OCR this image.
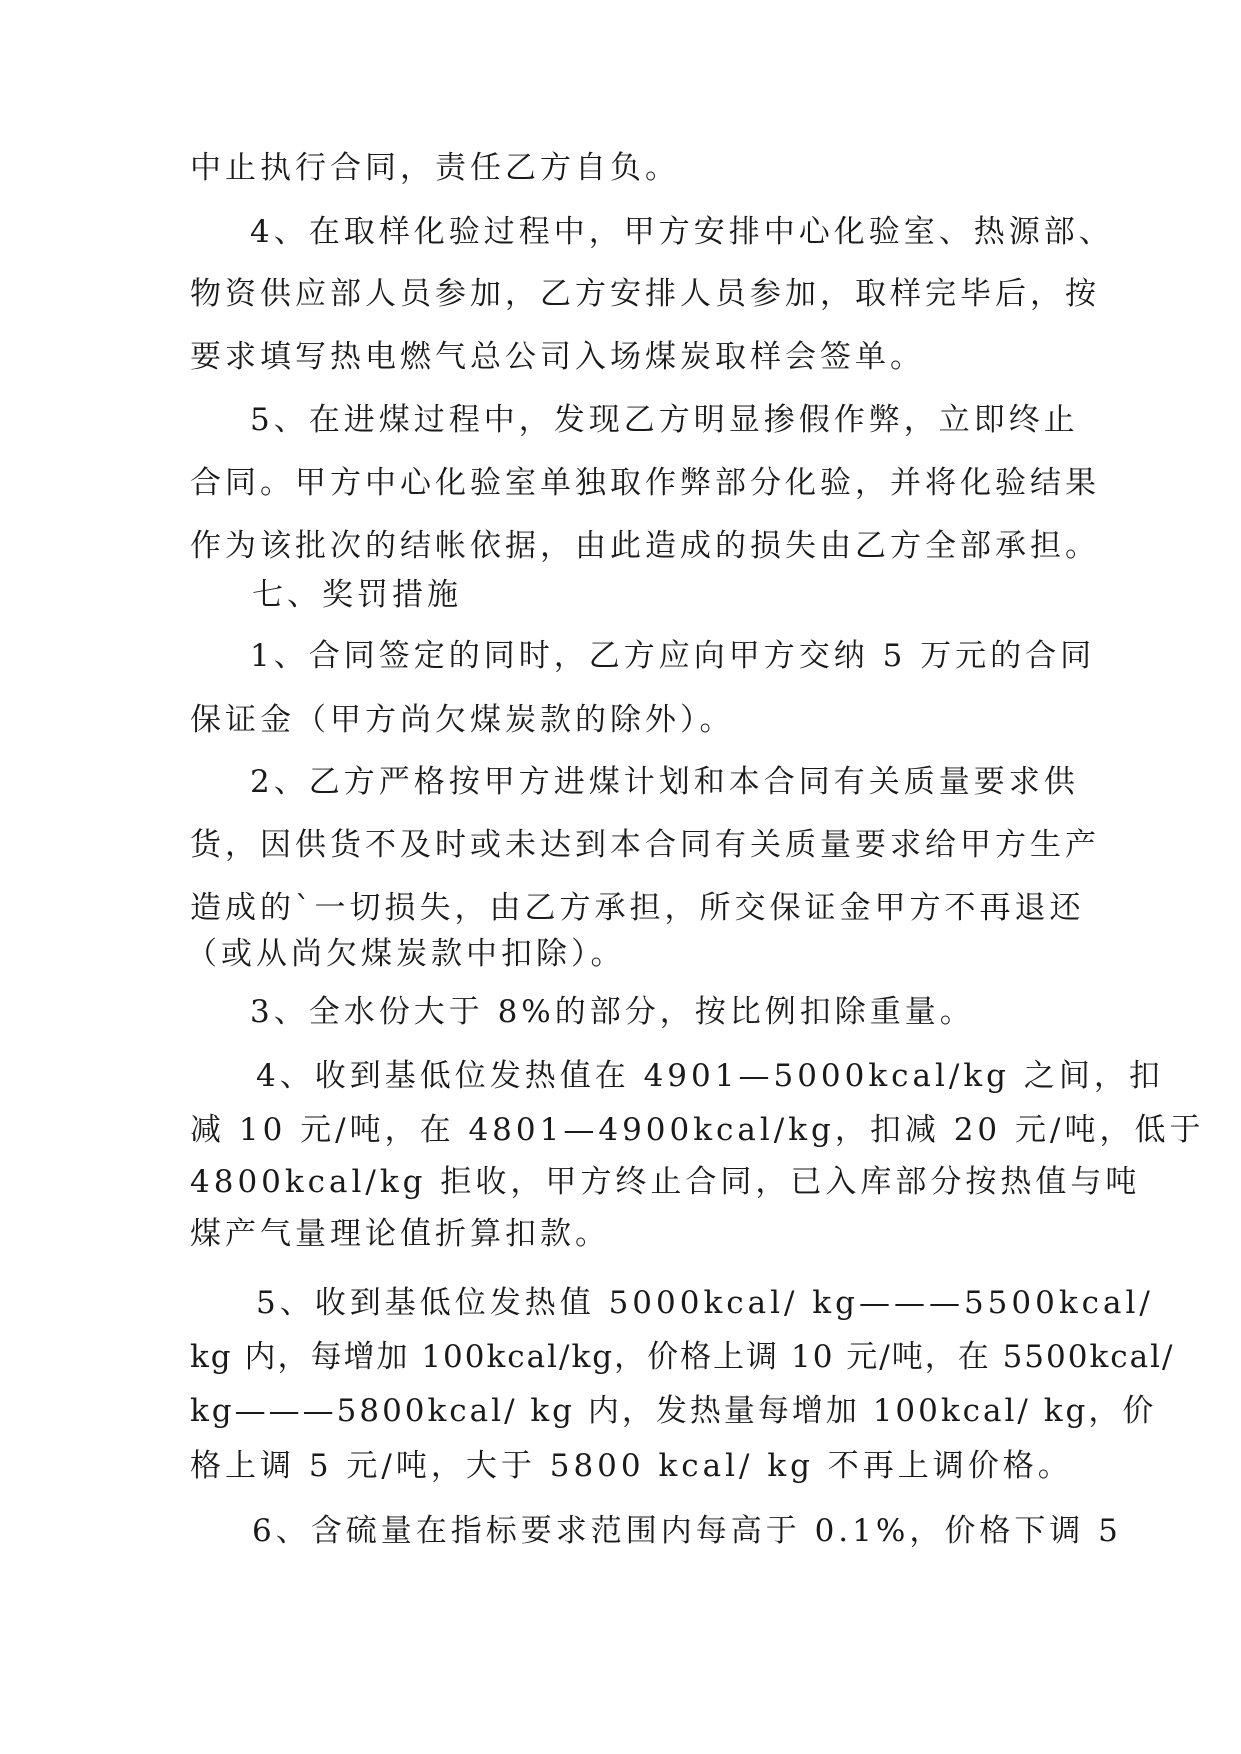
中止执行合同，责任乙方自负。
4、在取样化验过程中，甲方安排中心化验室、热源部、
物资供应部人员参加，乙方安排人员参加，取样完毕后，按
要求填写热电燃气总公司入场煤炭取样会签单。
5、在进煤过程中，发现乙方明显掺假作弊，立即终止
合同。甲方中心化验室单独取作弊部分化验，并将化验结果
作为该批次的结帐依据，由此造成的损失由乙方全部承担。
七、奖罚措施
1、合同签定的同时，乙方应向甲方交纳 5 万元的合同
保证金（甲方尚欠煤炭款的除外）。
2、乙方严格按甲方进煤计划和本合同有关质量要求供
货，因供货不及时或未达到本合同有关质量要求给甲方生产
造成的`一切损失，由乙方承担，所交保证金甲方不再退还
（或从尚欠煤炭款中扣除）。
3、全水份大于 8%的部分，按比例扣除重量。
4、收到基低位发热值在 4901—5000kcal/kg 之间，扣
减 10 元/吨，在 4801—4900kcal/kg，扣减 20 元/吨，低于
4800kcal/kg 拒收，甲方终止合同，已入库部分按热值与吨
煤产气量理论值折算扣款。
5、收到基低位发热值 5000kcal/ kg———5500kcal/
kg 内，每增加 100kcal/kg，价格上调 10 元/吨，在 5500kcal/
kg———5800kcal/ kg 内，发热量每增加 100kcal/ kg，价
格上调 5 元/吨，大于 5800 kcal/ kg 不再上调价格。
6、含硫量在指标要求范围内每高于 0.1%，价格下调 5
